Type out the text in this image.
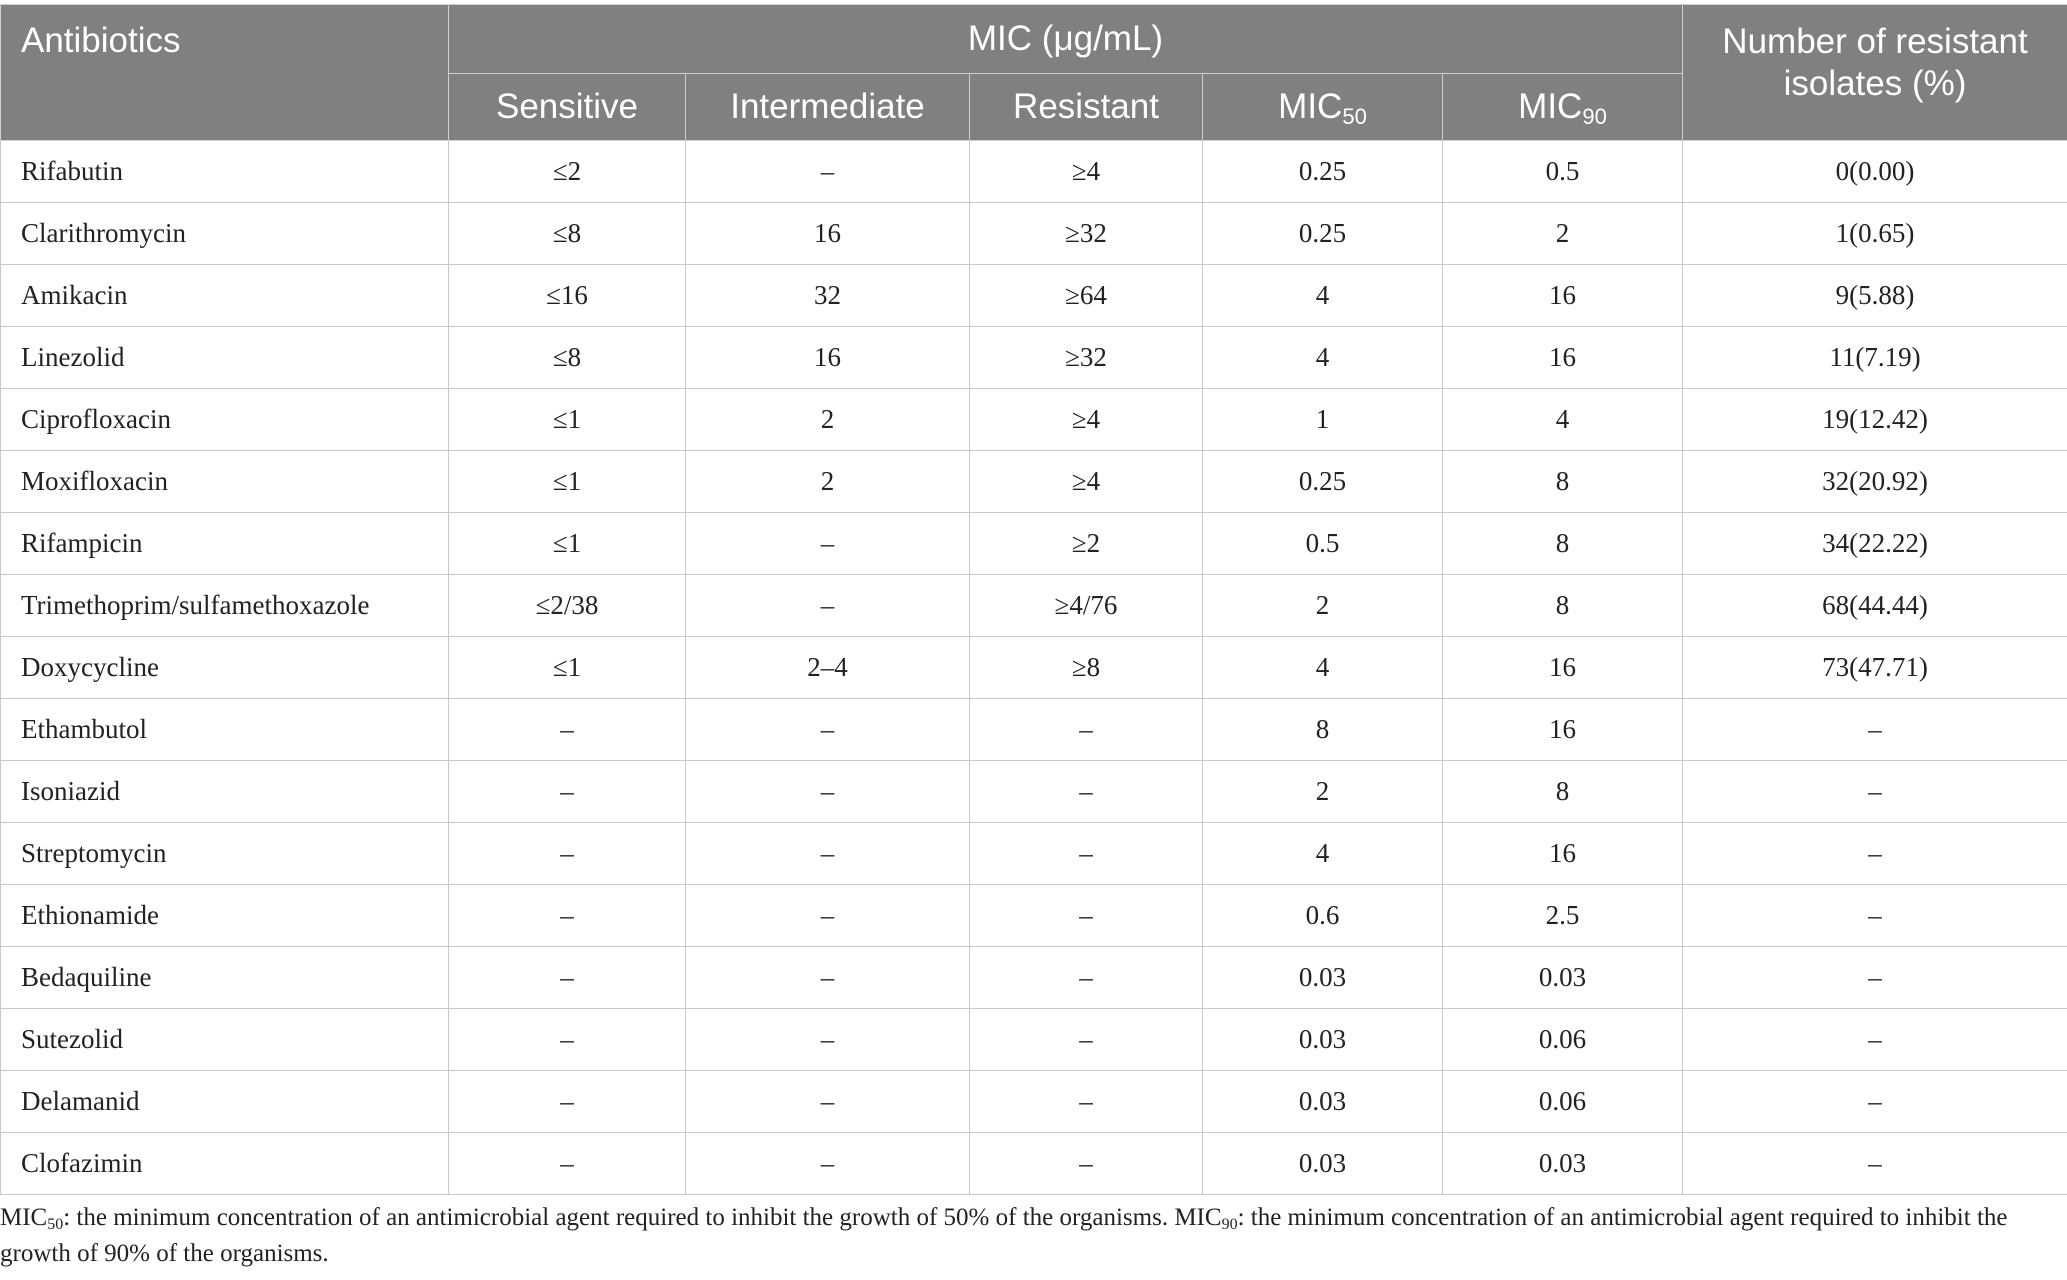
Antibiotics	MIC (μg/mL)					Number of resistant
isolates (%)
	Sensitive	Intermediate	Resistant	$MIC_{50}$	$MIC_{90}$
Rifabutin	≤2	–	≥4	0.25	0.5	0(0.00)
Clarithromycin	≤8	16	≥32	0.25	2	1(0.65)
Amikacin	≤16	32	≥64	4	16	9(5.88)
Linezolid	≤8	16	≥32	4	16	11(7.19)
Ciprofloxacin	≤1	2	≥4	1	4	19(12.42)
Moxifloxacin	≤1	2	≥4	0.25	8	32(20.92)
Rifampicin	≤1	–	≥2	0.5	8	34(22.22)
Trimethoprim/sulfamethoxazole	≤2/38	–	≥4/76	2	8	68(44.44)
Doxycycline	≤1	2–4	≥8	4	16	73(47.71)
Ethambutol	–	–	–	8	16	–
Isoniazid	–	–	–	2	8	–
Streptomycin	–	–	–	4	16	–
Ethionamide	–	–	–	0.6	2.5	–
Bedaquiline	–	–	–	0.03	0.03	–
Sutezolid	–	–	–	0.03	0.06	–
Delamanid	–	–	–	0.03	0.06	–
Clofazimin	–	–	–	0.03	0.03	–
$MIC_{50}$: the minimum concentration of an antimicrobial agent required to inhibit the growth of 50% of the organisms. $MIC_{90}$: the minimum concentration of an antimicrobial agent required to inhibit the growth of 90% of the organisms.
